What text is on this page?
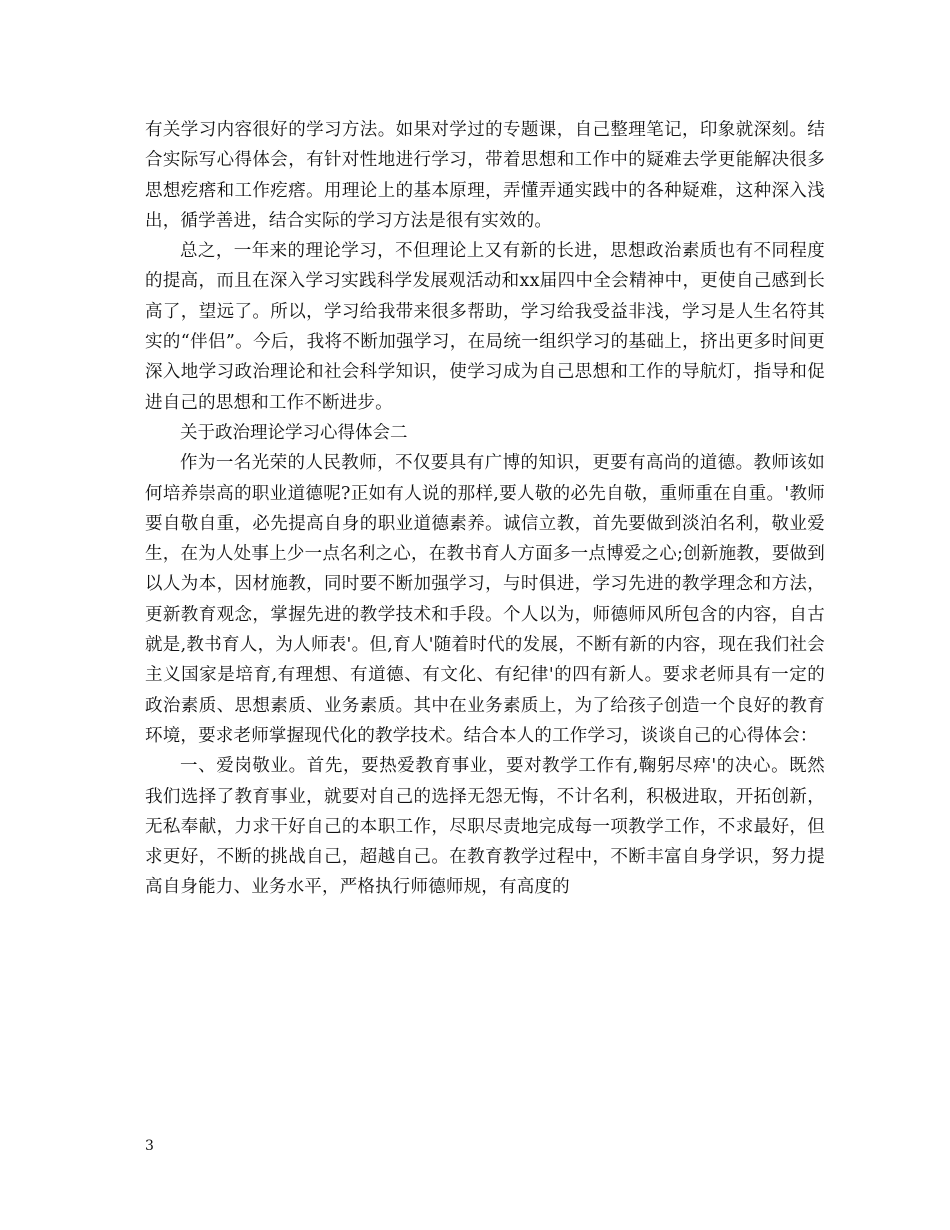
有关学习内容很好的学习方法。如果对学过的专题课，自己整理笔记，印象就深刻。结合实际写心得体会，有针对性地进行学习，带着思想和工作中的疑难去学更能解决很多思想疙瘩和工作疙瘩。用理论上的基本原理，弄懂弄通实践中的各种疑难，这种深入浅出，循学善进，结合实际的学习方法是很有实效的。

总之，一年来的理论学习，不但理论上又有新的长进，思想政治素质也有不同程度的提高，而且在深入学习实践科学发展观活动和xx届四中全会精神中，更使自己感到长高了，望远了。所以，学习给我带来很多帮助，学习给我受益非浅，学习是人生名符其实的“伴侣”。今后，我将不断加强学习，在局统一组织学习的基础上，挤出更多时间更深入地学习政治理论和社会科学知识，使学习成为自己思想和工作的导航灯，指导和促进自己的思想和工作不断进步。

关于政治理论学习心得体会二

作为一名光荣的人民教师，不仅要具有广博的知识，更要有高尚的道德。教师该如何培养崇高的职业道德呢?正如有人说的那样,要人敬的必先自敬，重师重在自重。'教师要自敬自重，必先提高自身的职业道德素养。诚信立教，首先要做到淡泊名利，敬业爱生，在为人处事上少一点名利之心，在教书育人方面多一点博爱之心;创新施教，要做到以人为本，因材施教，同时要不断加强学习，与时俱进，学习先进的教学理念和方法，更新教育观念，掌握先进的教学技术和手段。个人以为，师德师风所包含的内容，自古就是,教书育人，为人师表'。但,育人'随着时代的发展，不断有新的内容，现在我们社会主义国家是培育,有理想、有道德、有文化、有纪律'的四有新人。要求老师具有一定的政治素质、思想素质、业务素质。其中在业务素质上，为了给孩子创造一个良好的教育环境，要求老师掌握现代化的教学技术。结合本人的工作学习，谈谈自己的心得体会：

一、爱岗敬业。首先，要热爱教育事业，要对教学工作有,鞠躬尽瘁'的决心。既然我们选择了教育事业，就要对自己的选择无怨无悔，不计名利，积极进取，开拓创新，无私奉献，力求干好自己的本职工作，尽职尽责地完成每一项教学工作，不求最好，但求更好，不断的挑战自己，超越自己。在教育教学过程中，不断丰富自身学识，努力提高自身能力、业务水平，严格执行师德师规，有高度的

3
